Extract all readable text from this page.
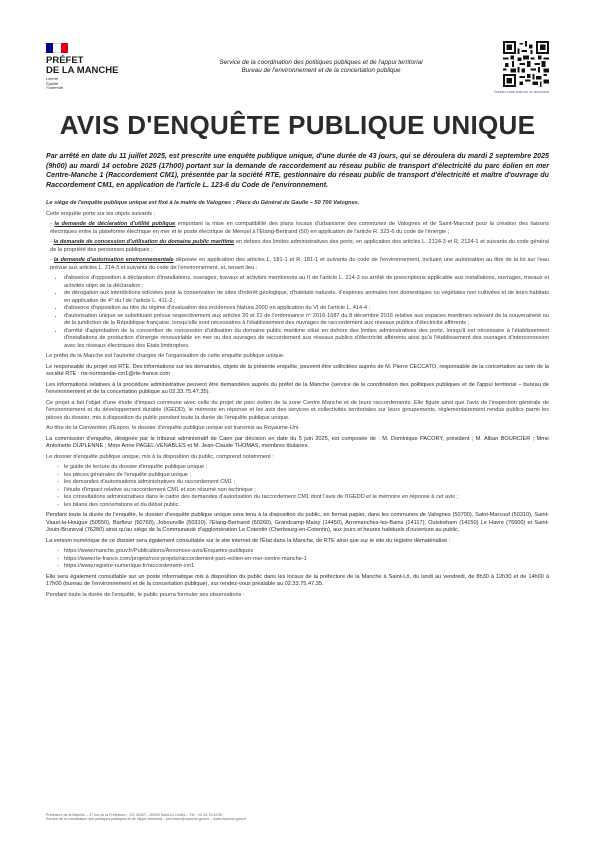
PRÉFET
DE LA MANCHE
Liberté
Égalité
Fraternité
Service de la coordination des politiques publiques et de l'appui territorial
Bureau de l'environnement et de la concertation publique
Donnez votre avis sur ce document
AVIS D'ENQUÊTE PUBLIQUE UNIQUE
Par arrêté en date du 11 juillet 2025, est prescrite une enquête publique unique, d'une durée de 43 jours, qui se déroulera du mardi 2 septembre 2025 (9h00) au mardi 14 octobre 2025 (17h00) portant sur la demande de raccordement au réseau public de transport d'électricité du parc éolien en mer Centre-Manche 1 (Raccordement CM1), présentée par la société RTE, gestionnaire du réseau public de transport d'électricité et maître d'ouvrage du Raccordement CM1, en application de l'article L. 123-6 du Code de l'environnement.

Le siège de l'enquête publique unique est fixé à la mairie de Valognes : Place du Général de Gaulle – 50 700 Valognes.

Cette enquête porte sur les objets suivants :

- la demande de déclaration d'utilité publique emportant la mise en compatibilité des plans locaux d'urbanisme des communes de Valognes et de Saint-Marcouf pour la création des liaisons électriques entre la plateforme électrique en mer et le poste électrique de Menuel à l'Etang-Bertrand (50) en application de l'article R. 323-6 du code de l'énergie ;
- la demande de concession d'utilisation du domaine public maritime en dehors des limites administratives des ports, en application des articles L. 2124-3 et R. 2124-1 et suivants du code général de la propriété des personnes publiques ;
- la demande d'autorisation environnementale déposée en application des articles L. 181-1 et R. 181-1 et suivants du code de l'environnement, incluant une autorisation au titre de la loi sur l'eau prévue aux articles L. 214-3 et suivants du code de l'environnement, et, tenant lieu :
• d'absence d'opposition à déclaration d'installations, ouvrages, travaux et activités mentionnés au II de l'article L. 214-3 ou arrêté de prescriptions applicable aux installations, ouvrages, travaux et activités objet de la déclaration ;
• de dérogation aux interdictions édictées pour la conservation de sites d'intérêt géologique, d'habitats naturels, d'espèces animales non domestiques ou végétales non cultivées et de leurs habitats en application de 4° du I de l'article L. 411-2 ;
• d'absence d'opposition au titre du régime d'évaluation des incidences Natura 2000 en application du VI de l'article L. 414-4 ;
• d'autorisation unique se substituant prévue respectivement aux articles 20 et 21 de l'ordonnance n° 2016-1687 du 8 décembre 2016 relative aux espaces maritimes relevant de la souveraineté ou de la juridiction de la République française, lorsqu'elle sont nécessaires à l'établissement des ouvrages de raccordement aux réseaux publics d'électricité afférents ;
• d'arrêté d'approbation de la convention de concession d'utilisation du domaine public maritime situé en dehors des limites administratives des ports, lorsqu'il est nécessaire à l'établissement d'installations de production d'énergie renouvelable en mer ou des ouvrages de raccordement aux réseaux publics d'électricité afférents ainsi qu'à l'établissement des ouvrages d'interconnexion avec les réseaux électriques des États limitrophes.

Le préfet de la Manche est l'autorité chargée de l'organisation de cette enquête publique unique.

Le responsable du projet est RTE. Des informations sur les demandes, objets de la présente enquête, peuvent être sollicitées auprès de M. Pierre CECCATO, responsable de la concertation au sein de la société RTE : rte-normandie-cm1@rte-france.com

Les informations relatives à la procédure administrative peuvent être demandées auprès du préfet de la Manche (service de la coordination des politiques publiques et de l'appui territorial – bureau de l'environnement et de la concertation publique au 02.33.75.47.35).

Ce projet a fait l'objet d'une étude d'impact commune avec celle du projet de parc éolien de la zone Centre Manche et de leurs raccordements. Elle figure ainsi que l'avis de l'inspection générale de l'environnement et du développement durable (IGEDD), le mémoire en réponse et les avis des services et collectivités territoriales sur leurs groupements, réglementairement rendus publics parmi les pièces du dossier, mis à disposition du public pendant toute la durée de l'enquête publique unique.

Au titre de la Convention d'Espoo, le dossier d'enquête publique unique est transmis au Royaume-Uni.

La commission d'enquête, désignée par le tribunal administratif de Caen par décision en date du 5 juin 2025, est composée de : M. Dominique PACORY, président ; M. Alban BOURCIER ; Mme Antoinette DUPLENNE ; Mme Anne PAGEL-VENABLES et M. Jean-Claude THOMAS, membres titulaires.

Le dossier d'enquête publique unique, mis à la disposition du public, comprend notamment :

- le guide de lecture du dossier d'enquête publique unique ;
- les pièces générales de l'enquête publique unique ;
- les demandes d'autorisations administratives du raccordement CM1 ;
- l'étude d'impact relative au raccordement CM1 et son résumé non technique ;
- les consultations administratives dans le cadre des demandes d'autorisation du raccordement CM1 dont l'avis de l'IGEDD et le mémoire en réponse à cet avis ;
- les bilans des concertations et du débat public.

Pendant toute la durée de l'enquête, le dossier d'enquête publique unique sera tenu à la disposition du public, en format papier, dans les communes de Valognes (50700), Saint-Marcouf (50310), Saint-Vaast-la-Hougue (50550), Barfleur (50760), Jobourville (50310), l'Etang-Bertrand (50260), Grandcamp-Maisy (14450), Arromanches-les-Bains (14117), Ouistreham (14150) Le Havre (76600) et Saint-Jouin-Bruneval (76280) ainsi qu'au siège de la Communauté d'agglomération Le Cotentin (Cherbourg-en-Cotentin), aux jours et heures habituels d'ouverture au public.

La version numérique de ce dossier sera également consultable sur le site internet de l'État dans la Manche, de RTE ainsi que sur le site du registre dématérialisé :

- https://www.manche.gouv.fr/Publications/Annonces-avis/Enquetes-publiques
- https://www.rte-france.com/projets/nos-projets/raccordement-parc-eolien-en-mer-centre-manche-1
- https://www.registre-numerique.fr/raccordement-cm1

Elle sera également consultable sur un poste informatique mis à disposition du public dans les locaux de la préfecture de la Manche à Saint-Lô, du lundi au vendredi, de 8h30 à 12h30 et de 14h00 à 17h00 (bureau de l'environnement et de la concertation publique), sur rendez-vous préalable au 02.33.75.47.35.

Pendant toute la durée de l'enquête, le public pourra formuler ses observations :

Préfecture de la Manche – 37 rue de la Préfecture – CS 30407 – 50009 Saint-Lô Cedex – Tél. : 02.33.75.49.50
Service de la coordination des politiques publiques et de l'appui territorial – pref-bepc@manche.gouv.fr – www.manche.gouv.fr
